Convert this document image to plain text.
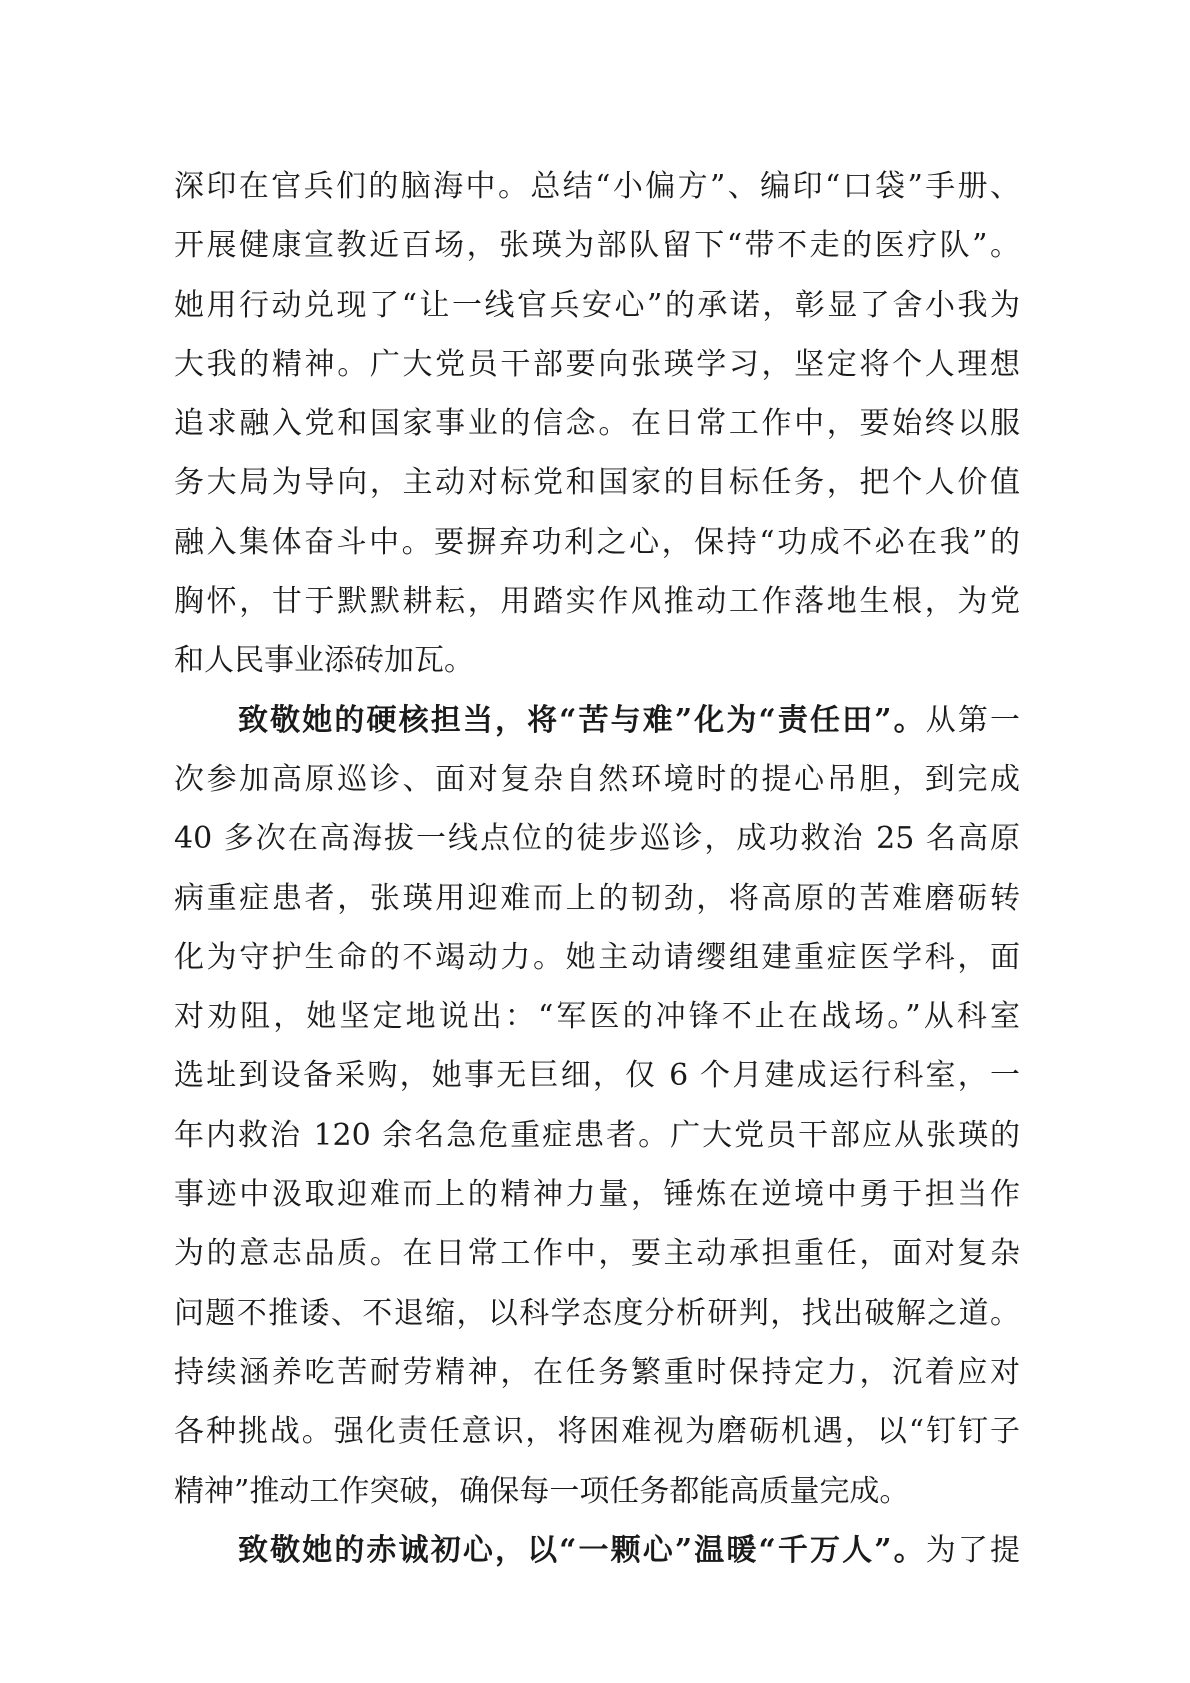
深印在官兵们的脑海中。总结“小偏方”、编印“口袋”手册、
开展健康宣教近百场，张瑛为部队留下“带不走的医疗队”。
她用行动兑现了“让一线官兵安心”的承诺，彰显了舍小我为
大我的精神。广大党员干部要向张瑛学习，坚定将个人理想
追求融入党和国家事业的信念。在日常工作中，要始终以服
务大局为导向，主动对标党和国家的目标任务，把个人价值
融入集体奋斗中。要摒弃功利之心，保持“功成不必在我”的
胸怀，甘于默默耕耘，用踏实作风推动工作落地生根，为党
和人民事业添砖加瓦。
致敬她的硬核担当，将“苦与难”化为“责任田”。从第一
次参加高原巡诊、面对复杂自然环境时的提心吊胆，到完成
40 多次在高海拔一线点位的徒步巡诊，成功救治 25 名高原
病重症患者，张瑛用迎难而上的韧劲，将高原的苦难磨砺转
化为守护生命的不竭动力。她主动请缨组建重症医学科，面
对劝阻，她坚定地说出：“军医的冲锋不止在战场。”从科室
选址到设备采购，她事无巨细，仅 6 个月建成运行科室，一
年内救治 120 余名急危重症患者。广大党员干部应从张瑛的
事迹中汲取迎难而上的精神力量，锤炼在逆境中勇于担当作
为的意志品质。在日常工作中，要主动承担重任，面对复杂
问题不推诿、不退缩，以科学态度分析研判，找出破解之道。
持续涵养吃苦耐劳精神，在任务繁重时保持定力，沉着应对
各种挑战。强化责任意识，将困难视为磨砺机遇，以“钉钉子
精神”推动工作突破，确保每一项任务都能高质量完成。
致敬她的赤诚初心，以“一颗心”温暖“千万人”。为了提
